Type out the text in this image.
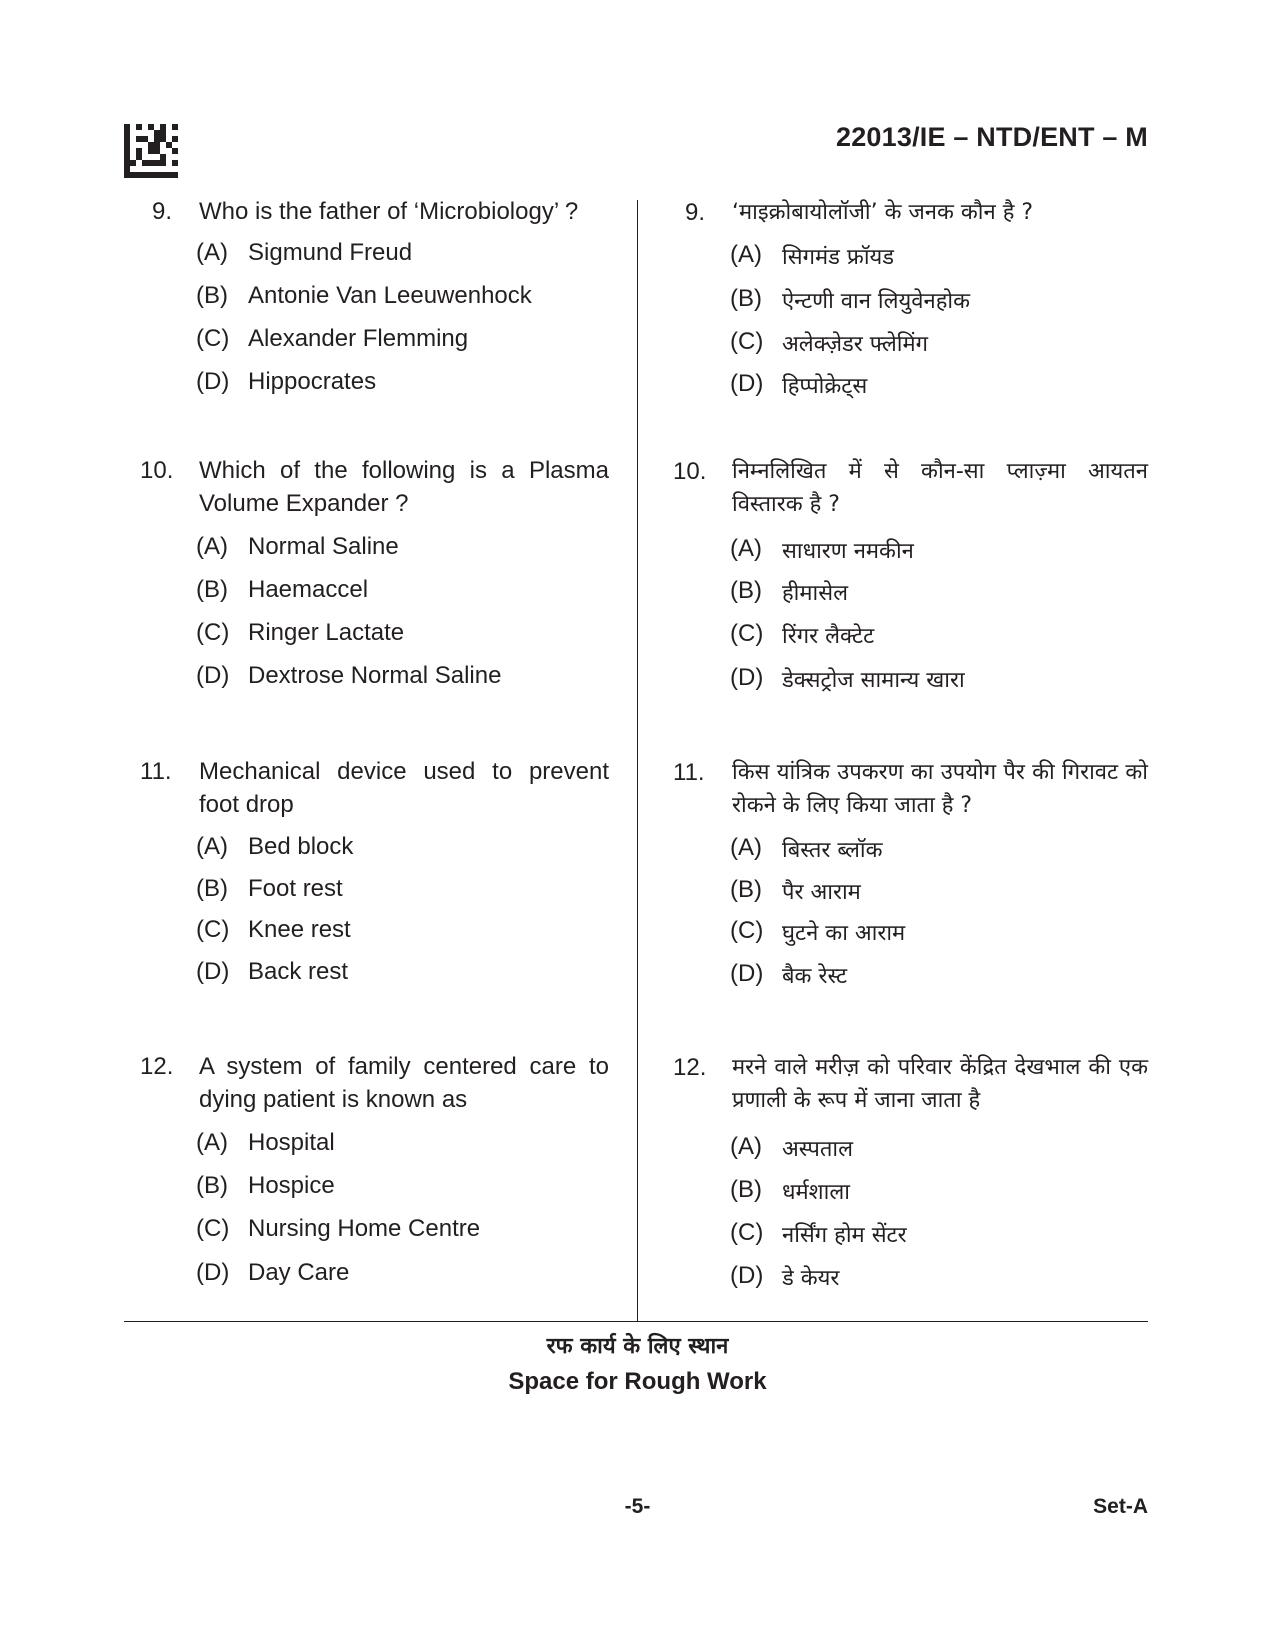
22013/IE – NTD/ENT – M
9. Who is the father of ‘Microbiology’ ?
(A) Sigmund Freud
(B) Antonie Van Leeuwenhock
(C) Alexander Flemming
(D) Hippocrates
10. Which of the following is a Plasma Volume Expander ?
(A) Normal Saline
(B) Haemaccel
(C) Ringer Lactate
(D) Dextrose Normal Saline
11. Mechanical device used to prevent foot drop
(A) Bed block
(B) Foot rest
(C) Knee rest
(D) Back rest
12. A system of family centered care to dying patient is known as
(A) Hospital
(B) Hospice
(C) Nursing Home Centre
(D) Day Care
9. ‘माइक्रोबायोलॉजी’ के जनक कौन है ?
(A) सिगमंड फ्रॉयड
(B) ऐन्टणी वान लियुवेनहोक
(C) अलेक्ज़ेडर फ्लेमिंग
(D) हिप्पोक्रेट्स
10. निम्नलिखित में से कौन-सा प्लाज़्मा आयतन विस्तारक है ?
(A) साधारण नमकीन
(B) हीमासेल
(C) रिंगर लैक्टेट
(D) डेक्सट्रोज सामान्य खारा
11. किस यांत्रिक उपकरण का उपयोग पैर की गिरावट को रोकने के लिए किया जाता है ?
(A) बिस्तर ब्लॉक
(B) पैर आराम
(C) घुटने का आराम
(D) बैक रेस्ट
12. मरने वाले मरीज़ को परिवार केंद्रित देखभाल की एक प्रणाली के रूप में जाना जाता है
(A) अस्पताल
(B) धर्मशाला
(C) नर्सिंग होम सेंटर
(D) डे केयर
रफ कार्य के लिए स्थान
Space for Rough Work
-5-	Set-A
